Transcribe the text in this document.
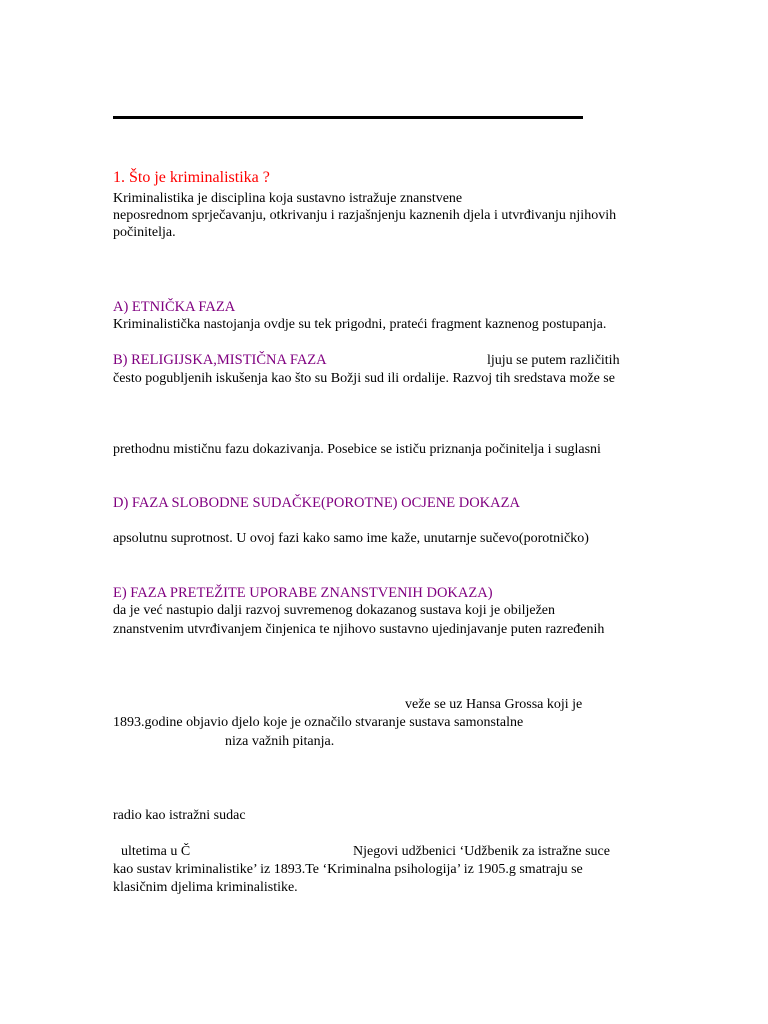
1. Što je kriminalistika ?
Kriminalistika je disciplina koja sustavno istražuje znanstvene
neposrednom sprječavanju, otkrivanju i razjašnjenju kaznenih djela i utvrđivanju njihovih
počinitelja.
A) ETNIČKA FAZA
Kriminalistička nastojanja ovdje su tek prigodni, prateći fragment kaznenog postupanja.
B) RELIGIJSKA,MISTIČNA FAZA	ljuju se putem različitih
često pogubljenih iskušenja kao što su Božji sud ili ordalije. Razvoj tih sredstava može se
prethodnu mističnu fazu dokazivanja. Posebice se ističu priznanja počinitelja i suglasni
D) FAZA SLOBODNE SUDAČKE(POROTNE) OCJENE DOKAZA
apsolutnu suprotnost. U ovoj fazi kako samo ime kaže, unutarnje sučevo(porotničko)
E) FAZA PRETEŽITE UPORABE ZNANSTVENIH DOKAZA)
da je već nastupio dalji razvoj suvremenog dokazanog sustava koji je obilježen
znanstvenim utvrđivanjem činjenica te njihovo sustavno ujedinjavanje puten razređenih
veže se uz Hansa Grossa koji je
1893.godine objavio djelo koje je označilo stvaranje sustava samonstalne
niza važnih pitanja.
radio kao istražni sudac
ultetima u Č	Njegovi udžbenici ‘Udžbenik za istražne suce
kao sustav kriminalistike’ iz 1893.Te ‘Kriminalna psihologija’ iz 1905.g smatraju se
klasičnim djelima kriminalistike.
